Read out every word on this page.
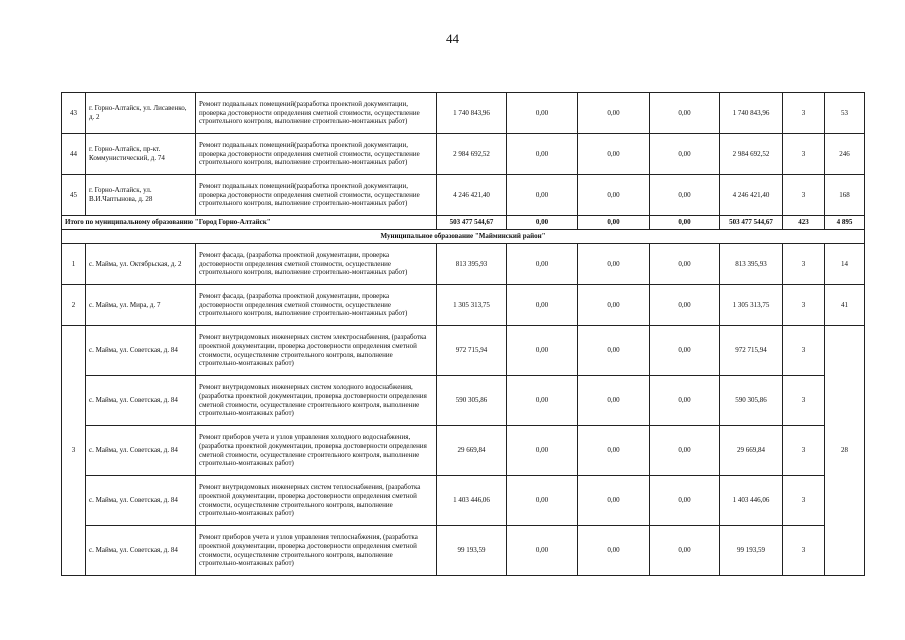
44
43	г. Горно-Алтайск, ул. Лисавенко, д. 2	Ремонт подвальных помещений(разработка проектной документации, проверка достоверности определения сметной стоимости, осуществление строительного контроля, выполнение строительно-монтажных работ)	1 740 843,96	0,00	0,00	0,00	1 740 843,96	3	53
44	г. Горно-Алтайск, пр-кт. Коммунистический, д. 74	Ремонт подвальных помещений(разработка проектной документации, проверка достоверности определения сметной стоимости, осуществление строительного контроля, выполнение строительно-монтажных работ)	2 984 692,52	0,00	0,00	0,00	2 984 692,52	3	246
45	г. Горно-Алтайск, ул. В.И.Чаптынова, д. 28	Ремонт подвальных помещений(разработка проектной документации, проверка достоверности определения сметной стоимости, осуществление строительного контроля, выполнение строительно-монтажных работ)	4 246 421,40	0,00	0,00	0,00	4 246 421,40	3	168
Итого по муниципальному образованию "Город Горно-Алтайск"			503 477 544,67	0,00	0,00	0,00	503 477 544,67	423	4 895
Муниципальное образование "Майминский район"									
1	с. Майма, ул. Октябрьская, д. 2	Ремонт фасада, (разработка проектной документации, проверка достоверности определения сметной стоимости, осуществление строительного контроля, выполнение строительно-монтажных работ)	813 395,93	0,00	0,00	0,00	813 395,93	3	14
2	с. Майма, ул. Мира, д. 7	Ремонт фасада, (разработка проектной документации, проверка достоверности определения сметной стоимости, осуществление строительного контроля, выполнение строительно-монтажных работ)	1 305 313,75	0,00	0,00	0,00	1 305 313,75	3	41
3	с. Майма, ул. Советская, д. 84	Ремонт внутридомовых инженерных систем электроснабжения, (разработка проектной документации, проверка достоверности определения сметной стоимости, осуществление строительного контроля, выполнение строительно-монтажных работ)	972 715,94	0,00	0,00	0,00	972 715,94	3	28
	с. Майма, ул. Советская, д. 84	Ремонт внутридомовых инженерных систем холодного водоснабжения, (разработка проектной документации, проверка достоверности определения сметной стоимости, осуществление строительного контроля, выполнение строительно-монтажных работ)	590 305,86	0,00	0,00	0,00	590 305,86	3	
	с. Майма, ул. Советская, д. 84	Ремонт приборов учета и узлов управления холодного водоснабжения, (разработка проектной документации, проверка достоверности определения сметной стоимости, осуществление строительного контроля, выполнение строительно-монтажных работ)	29 669,84	0,00	0,00	0,00	29 669,84	3	
	с. Майма, ул. Советская, д. 84	Ремонт внутридомовых инженерных систем теплоснабжения, (разработка проектной документации, проверка достоверности определения сметной стоимости, осуществление строительного контроля, выполнение строительно-монтажных работ)	1 403 446,06	0,00	0,00	0,00	1 403 446,06	3	
	с. Майма, ул. Советская, д. 84	Ремонт приборов учета и узлов управления теплоснабжения, (разработка проектной документации, проверка достоверности определения сметной стоимости, осуществление строительного контроля, выполнение строительно-монтажных работ)	99 193,59	0,00	0,00	0,00	99 193,59	3	
